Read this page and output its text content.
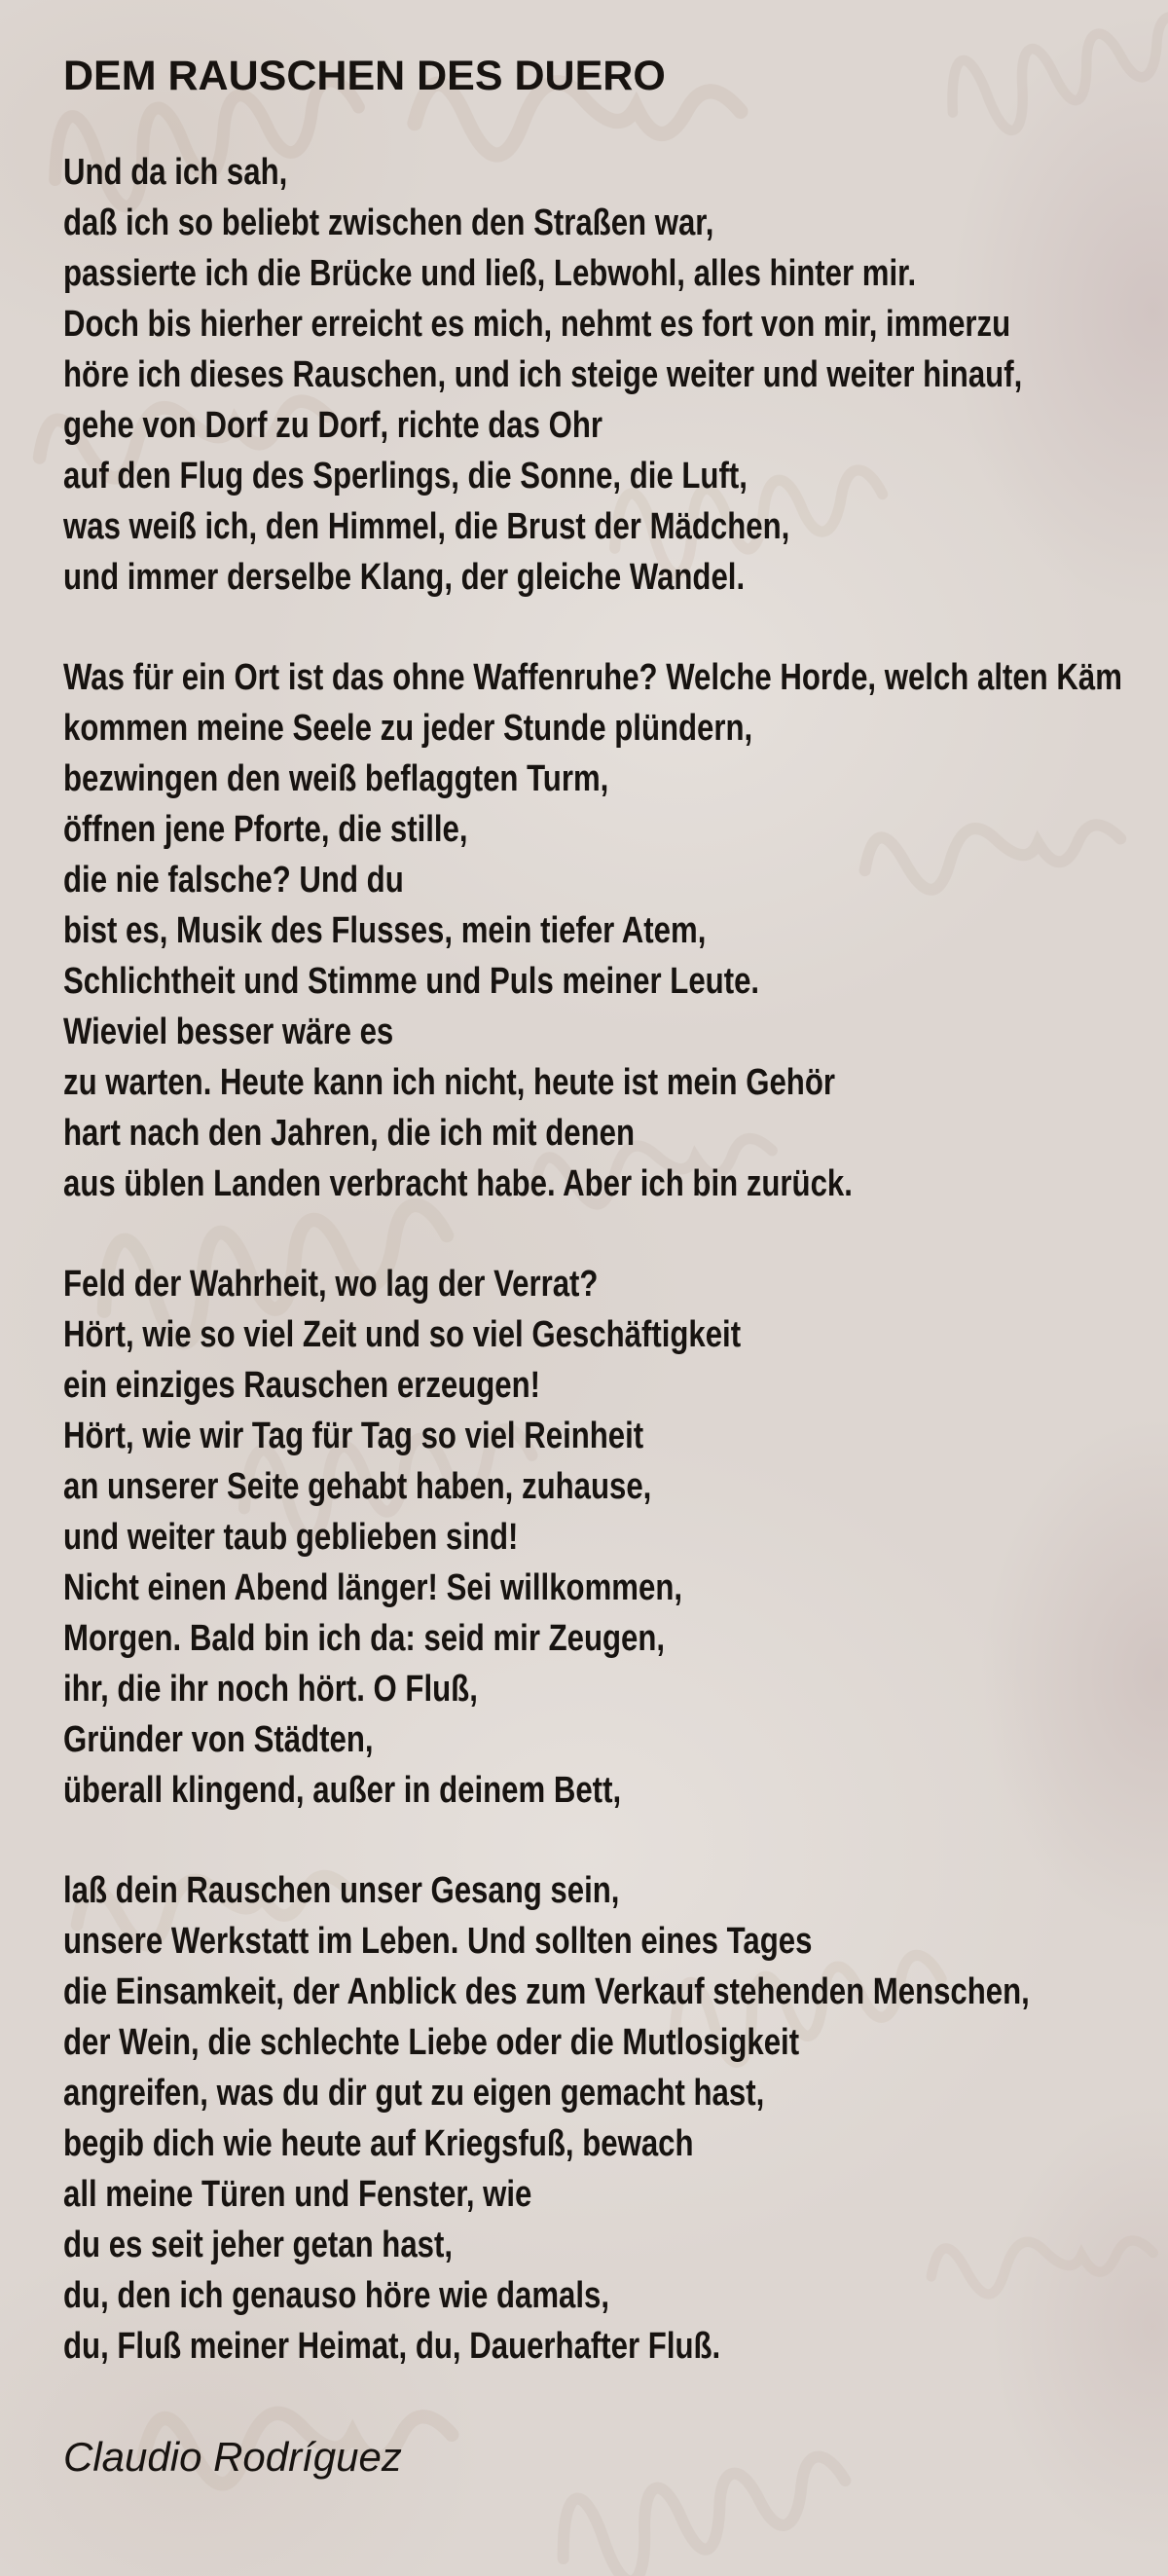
DEM RAUSCHEN DES DUERO
Und da ich sah,
daß ich so beliebt zwischen den Straßen war,
passierte ich die Brücke und ließ, Lebwohl, alles hinter mir.
Doch bis hierher erreicht es mich, nehmt es fort von mir, immerzu
höre ich dieses Rauschen, und ich steige weiter und weiter hinauf,
gehe von Dorf zu Dorf, richte das Ohr
auf den Flug des Sperlings, die Sonne, die Luft,
was weiß ich, den Himmel, die Brust der Mädchen,
und immer derselbe Klang, der gleiche Wandel.
Was für ein Ort ist das ohne Waffenruhe? Welche Horde, welch alten Käm
kommen meine Seele zu jeder Stunde plündern,
bezwingen den weiß beflaggten Turm,
öffnen jene Pforte, die stille,
die nie falsche? Und du
bist es, Musik des Flusses, mein tiefer Atem,
Schlichtheit und Stimme und Puls meiner Leute.
Wieviel besser wäre es
zu warten. Heute kann ich nicht, heute ist mein Gehör
hart nach den Jahren, die ich mit denen
aus üblen Landen verbracht habe. Aber ich bin zurück.
Feld der Wahrheit, wo lag der Verrat?
Hört, wie so viel Zeit und so viel Geschäftigkeit
ein einziges Rauschen erzeugen!
Hört, wie wir Tag für Tag so viel Reinheit
an unserer Seite gehabt haben, zuhause,
und weiter taub geblieben sind!
Nicht einen Abend länger! Sei willkommen,
Morgen. Bald bin ich da: seid mir Zeugen,
ihr, die ihr noch hört. O Fluß,
Gründer von Städten,
überall klingend, außer in deinem Bett,
laß dein Rauschen unser Gesang sein,
unsere Werkstatt im Leben. Und sollten eines Tages
die Einsamkeit, der Anblick des zum Verkauf stehenden Menschen,
der Wein, die schlechte Liebe oder die Mutlosigkeit
angreifen, was du dir gut zu eigen gemacht hast,
begib dich wie heute auf Kriegsfuß, bewach
all meine Türen und Fenster, wie
du es seit jeher getan hast,
du, den ich genauso höre wie damals,
du, Fluß meiner Heimat, du, Dauerhafter Fluß.
Claudio Rodríguez
